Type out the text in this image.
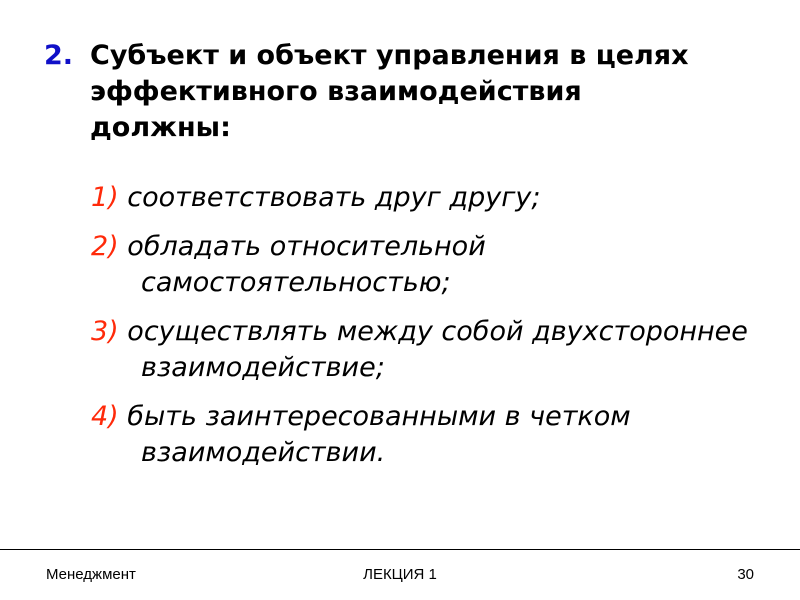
2. Субъект и объект управления в целях эффективного взаимодействия должны:
1) соответствовать друг другу;
2) обладать относительной самостоятельностью;
3) осуществлять между собой двухстороннее взаимодействие;
4) быть заинтересованными в четком взаимодействии.
Менеджмент	ЛЕКЦИЯ 1	30
